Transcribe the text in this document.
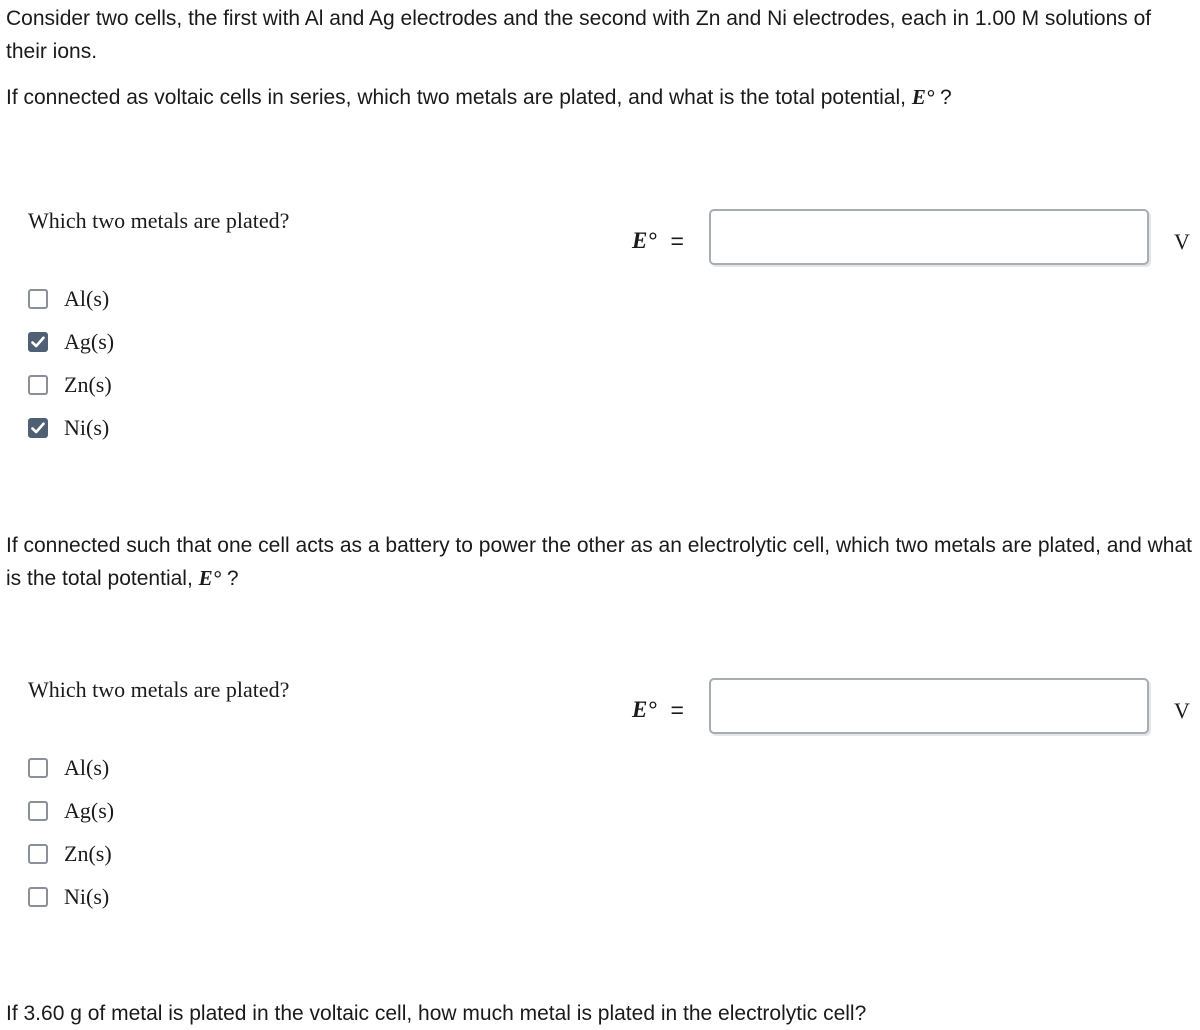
Consider two cells, the first with Al and Ag electrodes and the second with Zn and Ni electrodes, each in 1.00 M solutions of their ions.

If connected as voltaic cells in series, which two metals are plated, and what is the total potential, E° ?

Which two metals are plated?
Al(s)
Ag(s)
Zn(s)
Ni(s)
E° =	V

If connected such that one cell acts as a battery to power the other as an electrolytic cell, which two metals are plated, and what is the total potential, E° ?

Which two metals are plated?
Al(s)
Ag(s)
Zn(s)
Ni(s)
E° =	V

If 3.60 g of metal is plated in the voltaic cell, how much metal is plated in the electrolytic cell?
